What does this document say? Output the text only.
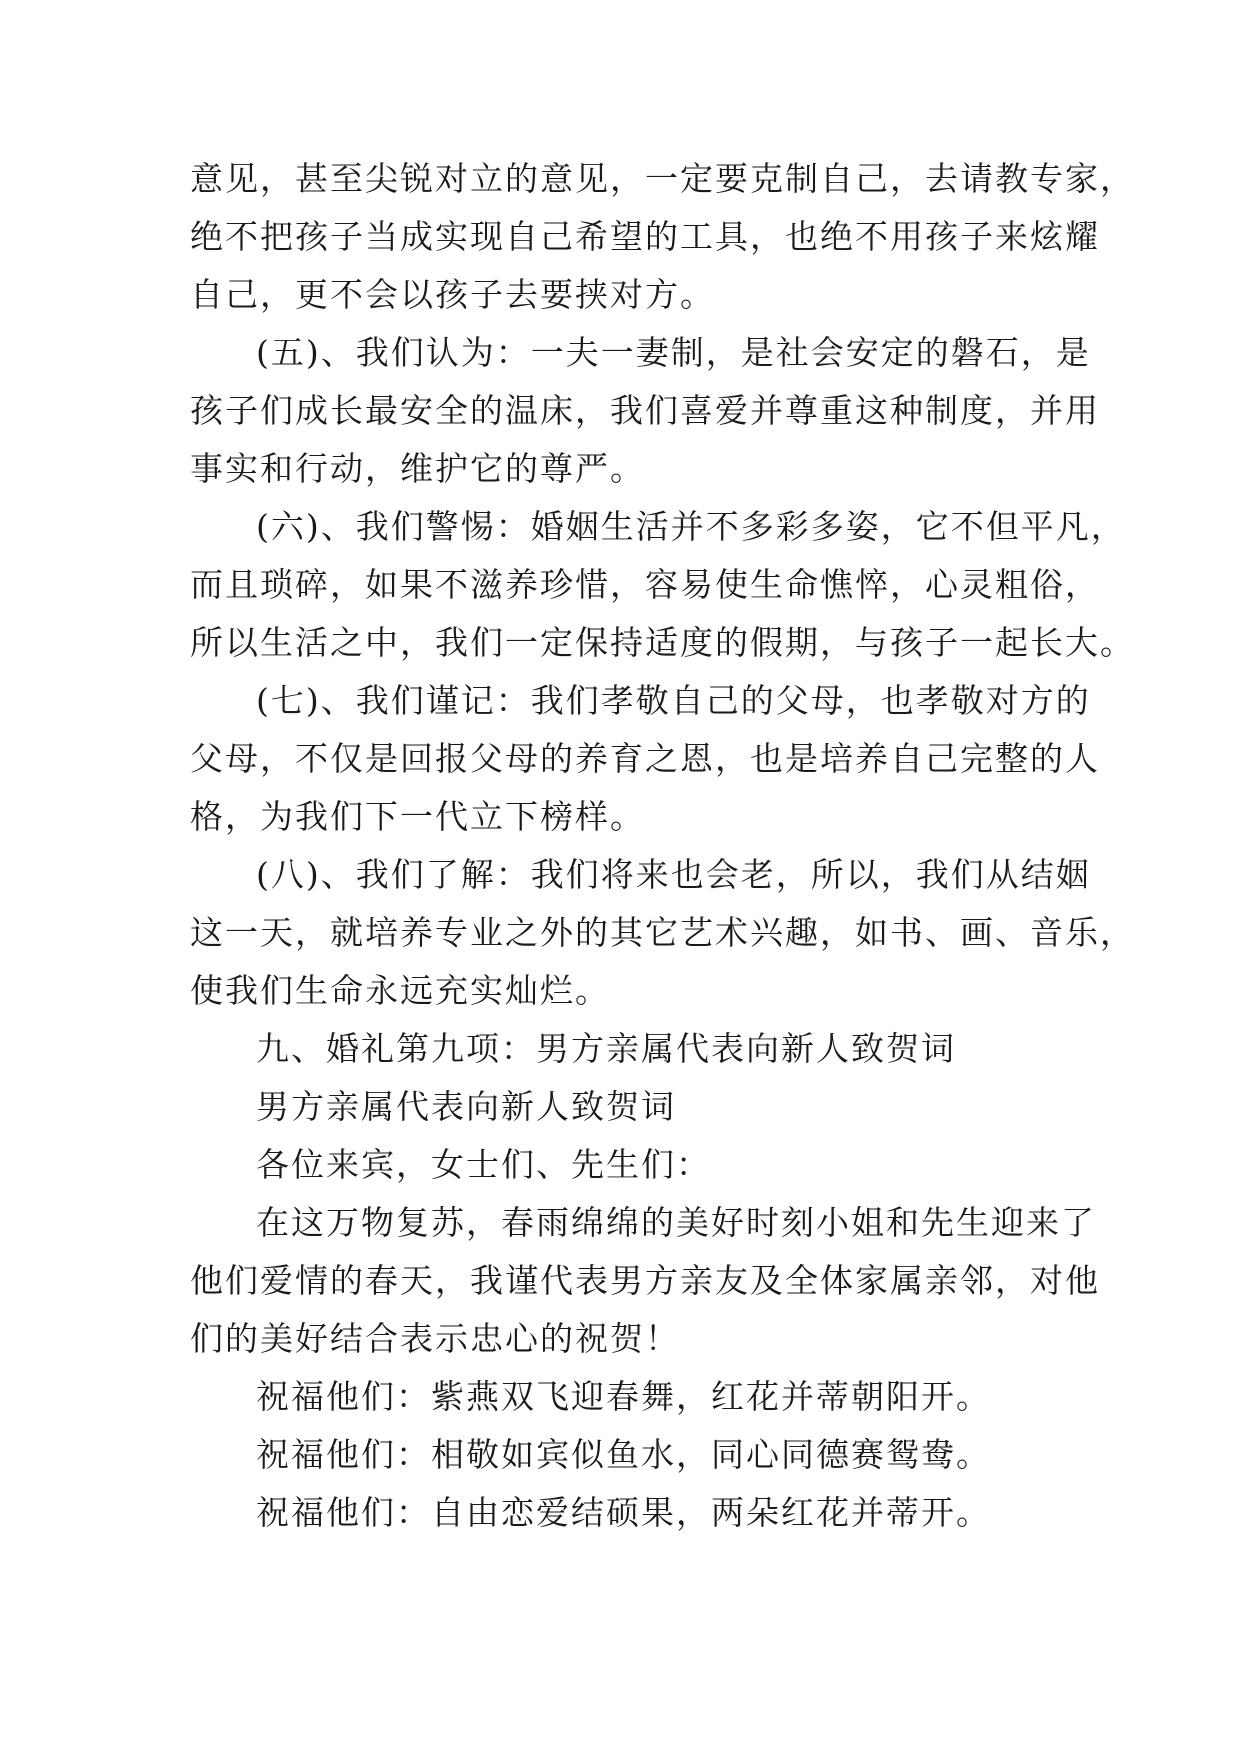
意见，甚至尖锐对立的意见，一定要克制自己，去请教专家，
绝不把孩子当成实现自己希望的工具，也绝不用孩子来炫耀
自己，更不会以孩子去要挟对方。
(五)、我们认为：一夫一妻制，是社会安定的磐石，是
孩子们成长最安全的温床，我们喜爱并尊重这种制度，并用
事实和行动，维护它的尊严。
(六)、我们警惕：婚姻生活并不多彩多姿，它不但平凡，
而且琐碎，如果不滋养珍惜，容易使生命憔悴，心灵粗俗，
所以生活之中，我们一定保持适度的假期，与孩子一起长大。
(七)、我们谨记：我们孝敬自己的父母，也孝敬对方的
父母，不仅是回报父母的养育之恩，也是培养自己完整的人
格，为我们下一代立下榜样。
(八)、我们了解：我们将来也会老，所以，我们从结姻
这一天，就培养专业之外的其它艺术兴趣，如书、画、音乐，
使我们生命永远充实灿烂。
九、婚礼第九项：男方亲属代表向新人致贺词
男方亲属代表向新人致贺词
各位来宾，女士们、先生们：
在这万物复苏，春雨绵绵的美好时刻小姐和先生迎来了
他们爱情的春天，我谨代表男方亲友及全体家属亲邻，对他
们的美好结合表示忠心的祝贺！
祝福他们：紫燕双飞迎春舞，红花并蒂朝阳开。
祝福他们：相敬如宾似鱼水，同心同德赛鸳鸯。
祝福他们：自由恋爱结硕果，两朵红花并蒂开。
